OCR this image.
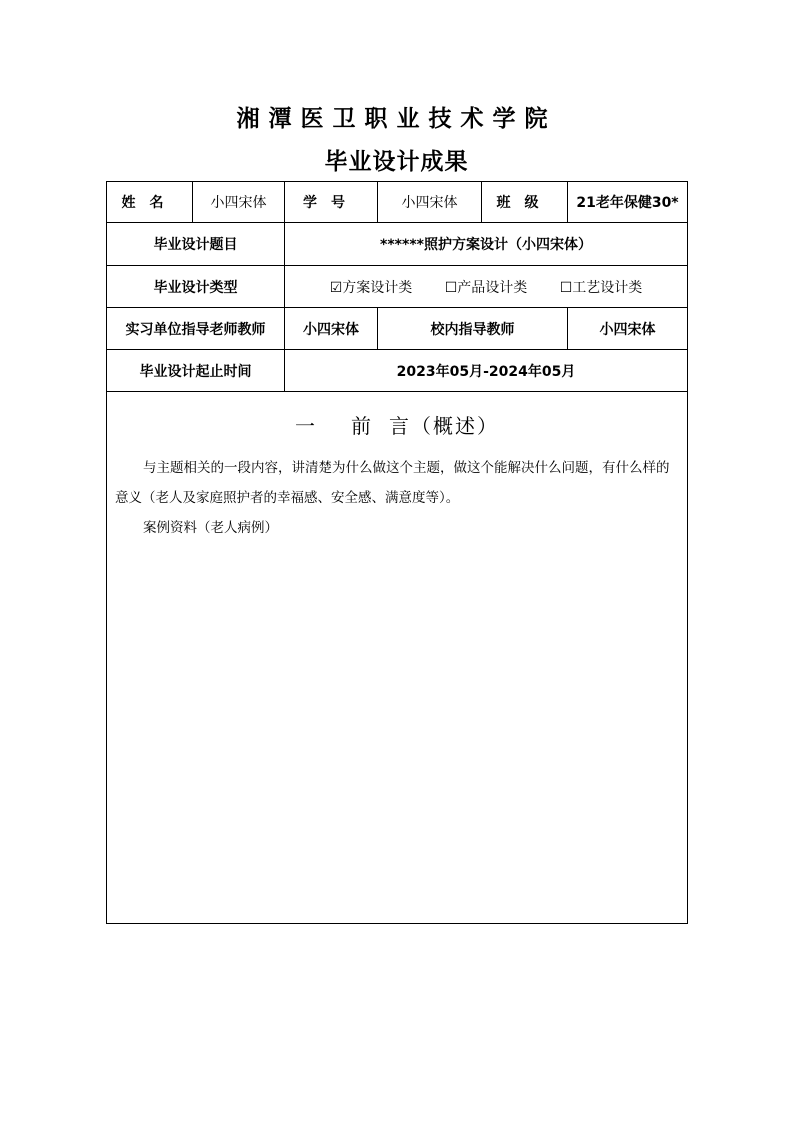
湘潭医卫职业技术学院
毕业设计成果
姓名	小四宋体	学号	小四宋体	班级	21老年保健30*
毕业设计题目		******照护方案设计（小四宋体）			
毕业设计类型		☑方案设计类 ☐产品设计类 ☐工艺设计类			
实习单位指导老师教师		小四宋体	校内指导教师		小四宋体
毕业设计起止时间		2023年05月-2024年05月			

一 前 言（概述）
与主题相关的一段内容，讲清楚为什么做这个主题，做这个能解决什么问题，有什么样的意义（老人及家庭照护者的幸福感、安全感、满意度等）。
案例资料（老人病例）					
